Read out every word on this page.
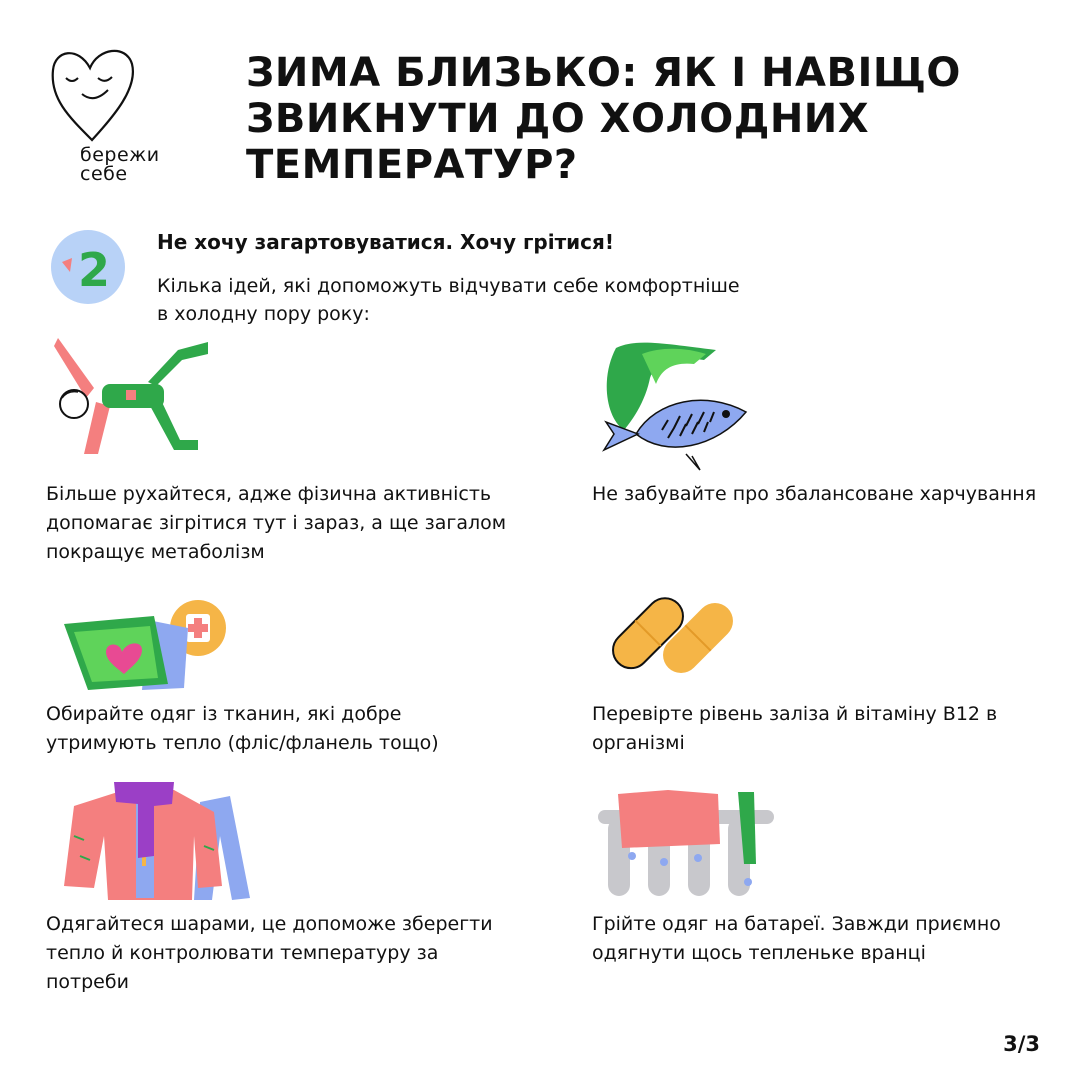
бережи
себе
ЗИМА БЛИЗЬКО: ЯК І НАВІЩО
ЗВИКНУТИ ДО ХОЛОДНИХ
ТЕМПЕРАТУР?
2
Не хочу загартовуватися. Хочу грітися!
Кілька ідей, які допоможуть відчувати себе комфортніше
в холодну пору року:
Більше рухайтеся, адже фізична активність допомагає зігрітися тут і зараз, а ще загалом покращує метаболізм
Не забувайте про збалансоване харчування
Обирайте одяг із тканин, які добре утримують тепло (фліс/фланель тощо)
Перевірте рівень заліза й вітаміну B12 в організмі
Одягайтеся шарами, це допоможе зберегти тепло й контролювати температуру за потреби
Грійте одяг на батареї. Завжди приємно одягнути щось тепленьке вранці
3/3
